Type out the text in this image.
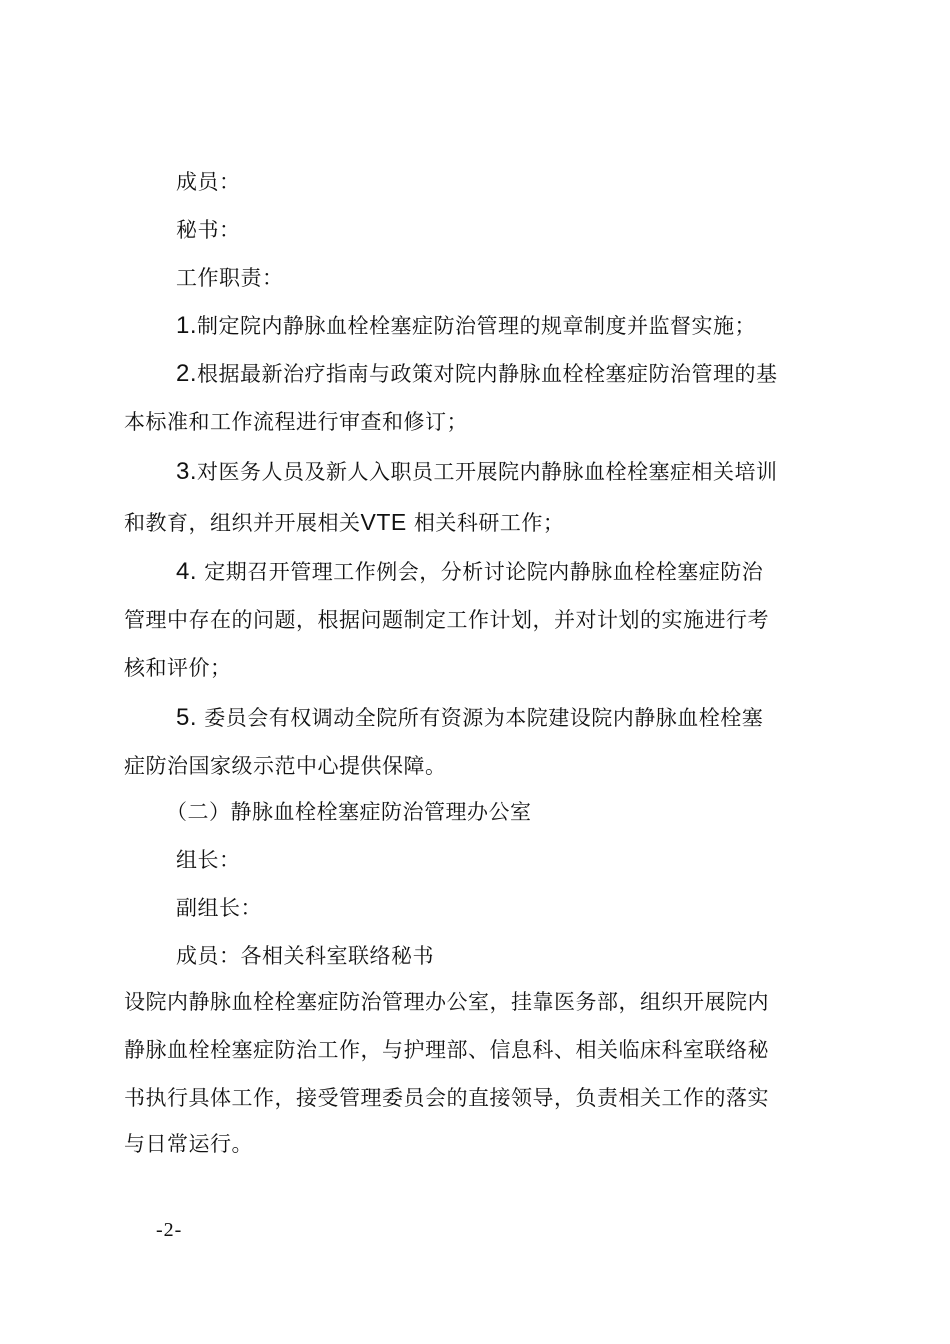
成员：
秘书：
工作职责：
1.制定院内静脉血栓栓塞症防治管理的规章制度并监督实施；
2.根据最新治疗指南与政策对院内静脉血栓栓塞症防治管理的基
本标准和工作流程进行审查和修订；
3.对医务人员及新人入职员工开展院内静脉血栓栓塞症相关培训
和教育，组织并开展相关VTE 相关科研工作；
4. 定期召开管理工作例会，分析讨论院内静脉血栓栓塞症防治
管理中存在的问题，根据问题制定工作计划，并对计划的实施进行考
核和评价；
5. 委员会有权调动全院所有资源为本院建设院内静脉血栓栓塞
症防治国家级示范中心提供保障。
（二）静脉血栓栓塞症防治管理办公室
组长：
副组长：
成员：各相关科室联络秘书
设院内静脉血栓栓塞症防治管理办公室，挂靠医务部，组织开展院内
静脉血栓栓塞症防治工作，与护理部、信息科、相关临床科室联络秘
书执行具体工作，接受管理委员会的直接领导，负责相关工作的落实
与日常运行。
-2-
